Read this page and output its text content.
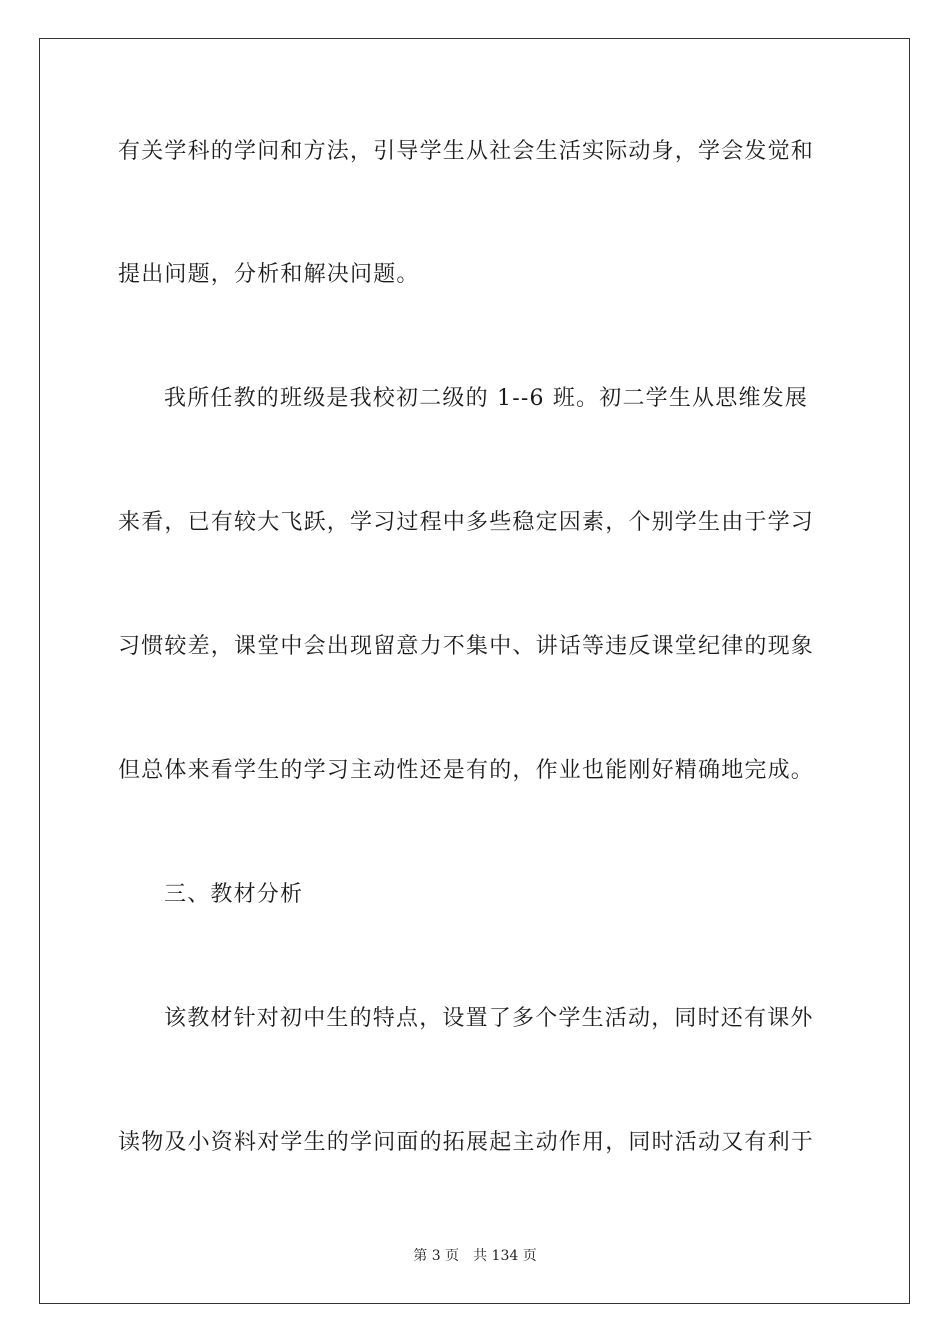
有关学科的学问和方法，引导学生从社会生活实际动身，学会发觉和
提出问题，分析和解决问题。
我所任教的班级是我校初二级的 1--6 班。初二学生从思维发展
来看，已有较大飞跃，学习过程中多些稳定因素，个别学生由于学习
习惯较差，课堂中会出现留意力不集中、讲话等违反课堂纪律的现象
但总体来看学生的学习主动性还是有的，作业也能刚好精确地完成。
三、教材分析
该教材针对初中生的特点，设置了多个学生活动，同时还有课外
读物及小资料对学生的学问面的拓展起主动作用，同时活动又有利于
第 3 页 共 134 页
